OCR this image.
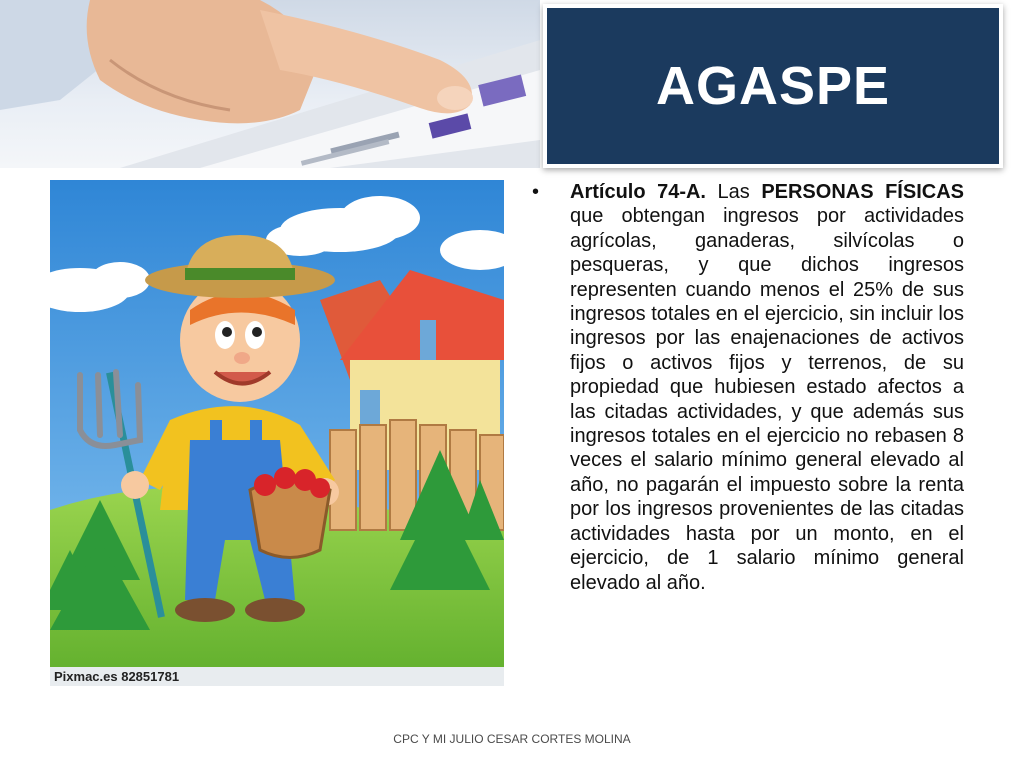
AGASPE
Pixmac.es 82851781
• Artículo 74-A. Las PERSONAS FÍSICAS que obtengan ingresos por actividades agrícolas, ganaderas, silvícolas o pesqueras, y que dichos ingresos representen cuando menos el 25% de sus ingresos totales en el ejercicio, sin incluir los ingresos por las enajenaciones de activos fijos o activos fijos y terrenos, de su propiedad que hubiesen estado afectos a las citadas actividades, y que además sus ingresos totales en el ejercicio no rebasen 8 veces el salario mínimo general elevado al año, no pagarán el impuesto sobre la renta por los ingresos provenientes de las citadas actividades hasta por un monto, en el ejercicio, de 1 salario mínimo general elevado al año.

CPC Y MI JULIO CESAR CORTES MOLINA
